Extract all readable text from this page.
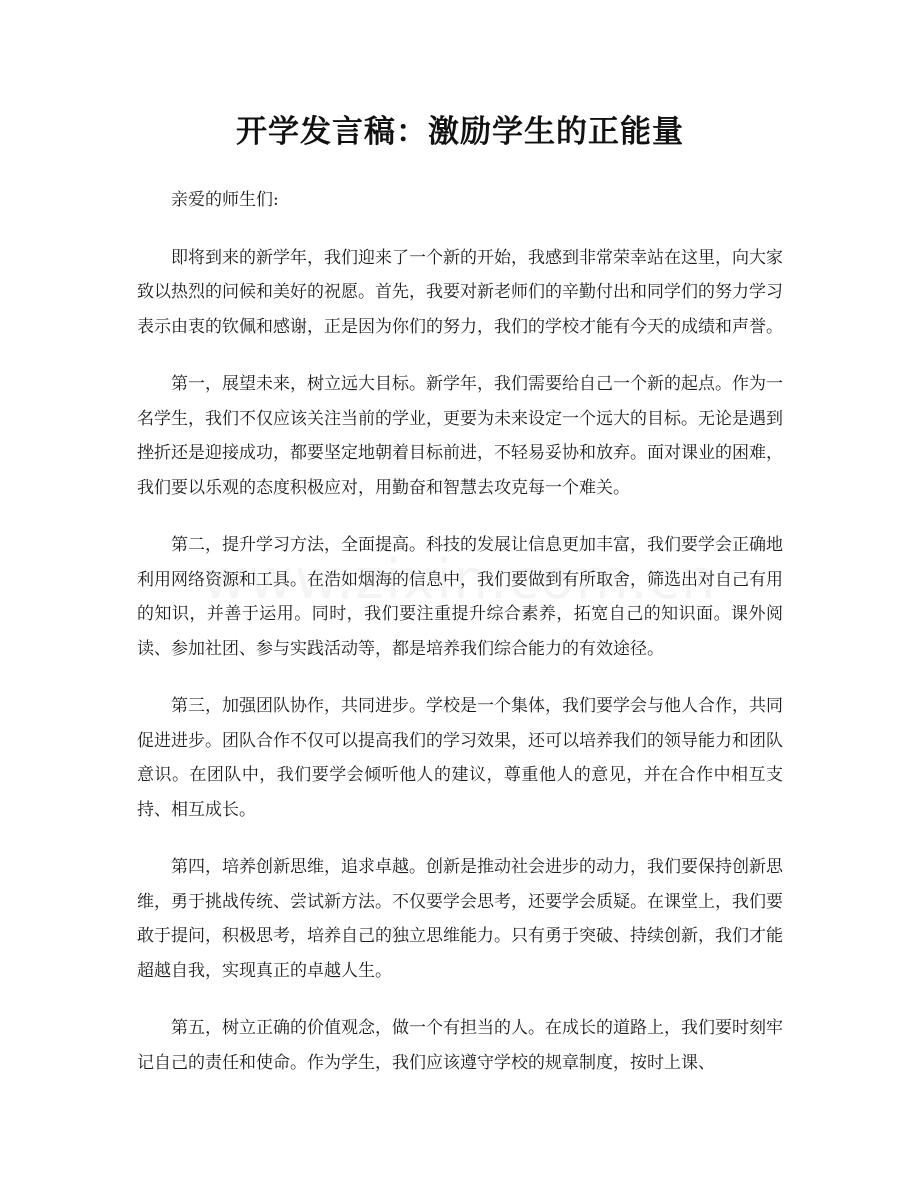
开学发言稿：激励学生的正能量

亲爱的师生们:

即将到来的新学年，我们迎来了一个新的开始，我感到非常荣幸站在这里，向大家致以热烈的问候和美好的祝愿。首先，我要对新老师们的辛勤付出和同学们的努力学习表示由衷的钦佩和感谢，正是因为你们的努力，我们的学校才能有今天的成绩和声誉。

第一，展望未来，树立远大目标。新学年，我们需要给自己一个新的起点。作为一名学生，我们不仅应该关注当前的学业，更要为未来设定一个远大的目标。无论是遇到挫折还是迎接成功，都要坚定地朝着目标前进，不轻易妥协和放弃。面对课业的困难，我们要以乐观的态度积极应对，用勤奋和智慧去攻克每一个难关。

第二，提升学习方法，全面提高。科技的发展让信息更加丰富，我们要学会正确地利用网络资源和工具。在浩如烟海的信息中，我们要做到有所取舍，筛选出对自己有用的知识，并善于运用。同时，我们要注重提升综合素养，拓宽自己的知识面。课外阅读、参加社团、参与实践活动等，都是培养我们综合能力的有效途径。

第三，加强团队协作，共同进步。学校是一个集体，我们要学会与他人合作，共同促进进步。团队合作不仅可以提高我们的学习效果，还可以培养我们的领导能力和团队意识。在团队中，我们要学会倾听他人的建议，尊重他人的意见，并在合作中相互支持、相互成长。

第四，培养创新思维，追求卓越。创新是推动社会进步的动力，我们要保持创新思维，勇于挑战传统、尝试新方法。不仅要学会思考，还要学会质疑。在课堂上，我们要敢于提问，积极思考，培养自己的独立思维能力。只有勇于突破、持续创新，我们才能超越自我，实现真正的卓越人生。

第五，树立正确的价值观念，做一个有担当的人。在成长的道路上，我们要时刻牢记自己的责任和使命。作为学生，我们应该遵守学校的规章制度，按时上课、
